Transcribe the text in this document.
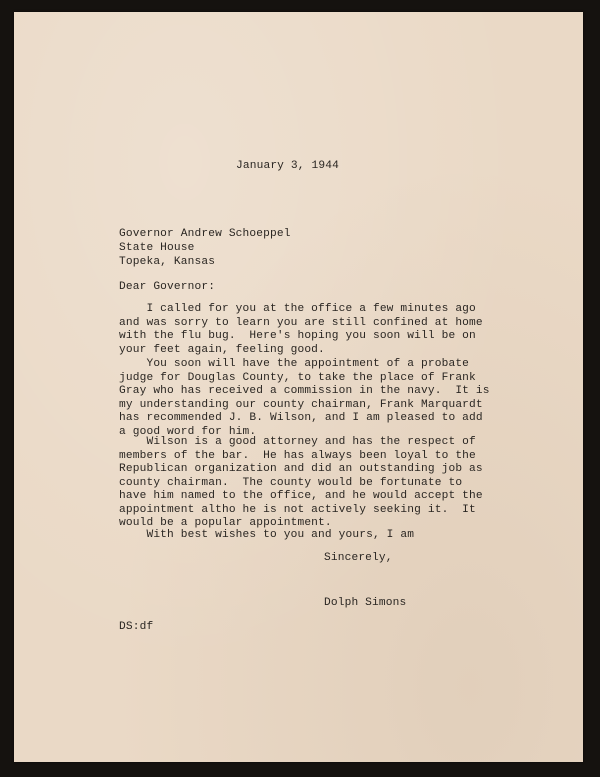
January 3, 1944

Governor Andrew Schoeppel

State House

Topeka, Kansas

Dear Governor:

I called for you at the office a few minutes ago
and was sorry to learn you are still confined at home
with the flu bug.  Here's hoping you soon will be on
your feet again, feeling good.

You soon will have the appointment of a probate
judge for Douglas County, to take the place of Frank
Gray who has received a commission in the navy.  It is
my understanding our county chairman, Frank Marquardt
has recommended J. B. Wilson, and I am pleased to add
a good word for him.

Wilson is a good attorney and has the respect of
members of the bar.  He has always been loyal to the
Republican organization and did an outstanding job as
county chairman.  The county would be fortunate to
have him named to the office, and he would accept the
appointment altho he is not actively seeking it.  It
would be a popular appointment.

With best wishes to you and yours, I am

Sincerely,

Dolph Simons

DS:df
